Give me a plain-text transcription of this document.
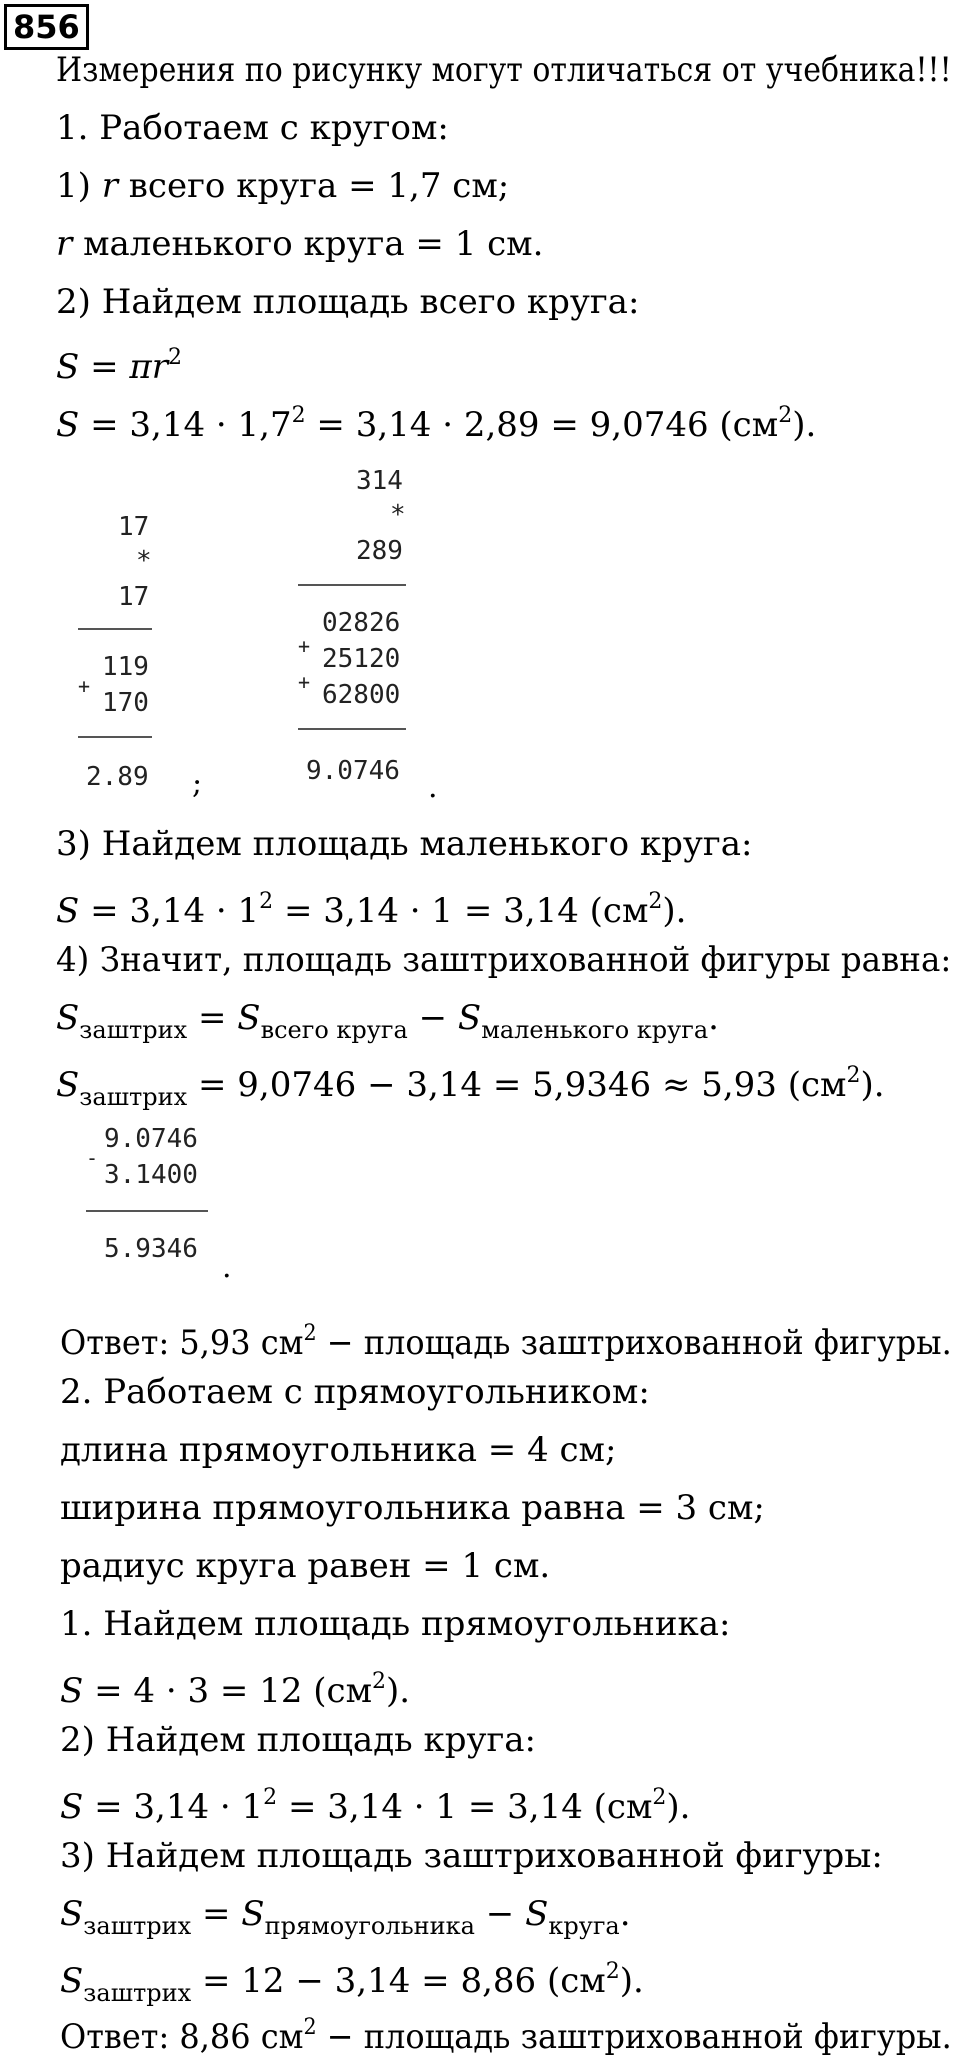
856
Измерения по рисунку могут отличаться от учебника!!!
1. Работаем с кругом:
1) r всего круга = 1,7 см;
r маленького круга = 1 см.
2) Найдем площадь всего круга:
$S = \pi r^2$
$S = 3,14 \cdot 1,7^2 = 3,14 \cdot 2,89 = 9,0746$ $(см^2)$.
17
*
17
+
119
170
2.89 ;
314
*
289
02826
+ 25120
+ 62800
9.0746 .
3) Найдем площадь маленького круга:
$S = 3,14 \cdot 1^2 = 3,14 \cdot 1 = 3,14$ $(см^2)$.
4) Значит, площадь заштрихованной фигуры равна:
$S_{заштрих} = S_{всего круга} - S_{маленького круга}$.
$S_{заштрих} = 9,0746 - 3,14 = 5,9346 \approx 5,93$ $(см^2)$.
9.0746
-
3.1400
5.9346
.
Ответ: 5,93 $см^2$ − площадь заштрихованной фигуры.
2. Работаем с прямоугольником:
длина прямоугольника = 4 см;
ширина прямоугольника равна = 3 см;
радиус круга равен = 1 см.
1. Найдем площадь прямоугольника:
S = 4 · 3 = 12 $(см^2)$.
2) Найдем площадь круга:
$S = 3,14 \cdot 1^2 = 3,14 \cdot 1 = 3,14$ $(см^2)$.
3) Найдем площадь заштрихованной фигуры:
$S_{заштрих} = S_{прямоугольника} - S_{круга}$.
$S_{заштрих} = 12 - 3,14 = 8,86$ $(см^2)$.
Ответ: 8,86 $см^2$ − площадь заштрихованной фигуры.
